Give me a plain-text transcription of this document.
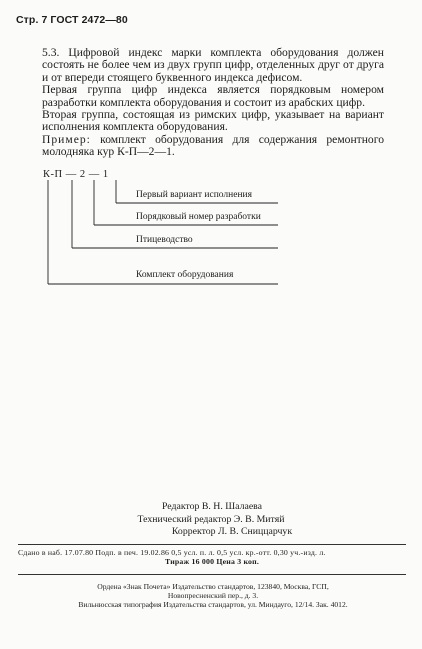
Стр. 7 ГОСТ 2472—80

5.3. Цифровой индекс марки комплекта оборудования должен состоять не более чем из двух групп цифр, отделенных друг от друга и от впереди стоящего буквенного индекса дефисом.

Первая группа цифр индекса является порядковым номером разработки комплекта оборудования и состоит из арабских цифр.

Вторая группа, состоящая из римских цифр, указывает на вариант исполнения комплекта оборудования.

Пример: комплект оборудования для содержания ремонтного молодняка кур К-П—2—1.

К-П — 2 — 1
Первый вариант исполнения
Порядковый номер разработки
Птицеводство
Комплект оборудования
Редактор В. Н. Шалаева
Технический редактор Э. В. Митяй
Корректор Л. В. Сниццарчук
Сдано в наб. 17.07.80 Подп. в печ. 19.02.86 0,5 усл. п. л. 0,5 усл. кр.-отт. 0,30 уч.-изд. л.
Тираж 16 000 Цена 3 коп.
Ордена «Знак Почета» Издательство стандартов, 123840, Москва, ГСП,
Новопресненский пер., д. 3.
Вильнюсская типография Издательства стандартов, ул. Миндауго, 12/14. Зак. 4012.
